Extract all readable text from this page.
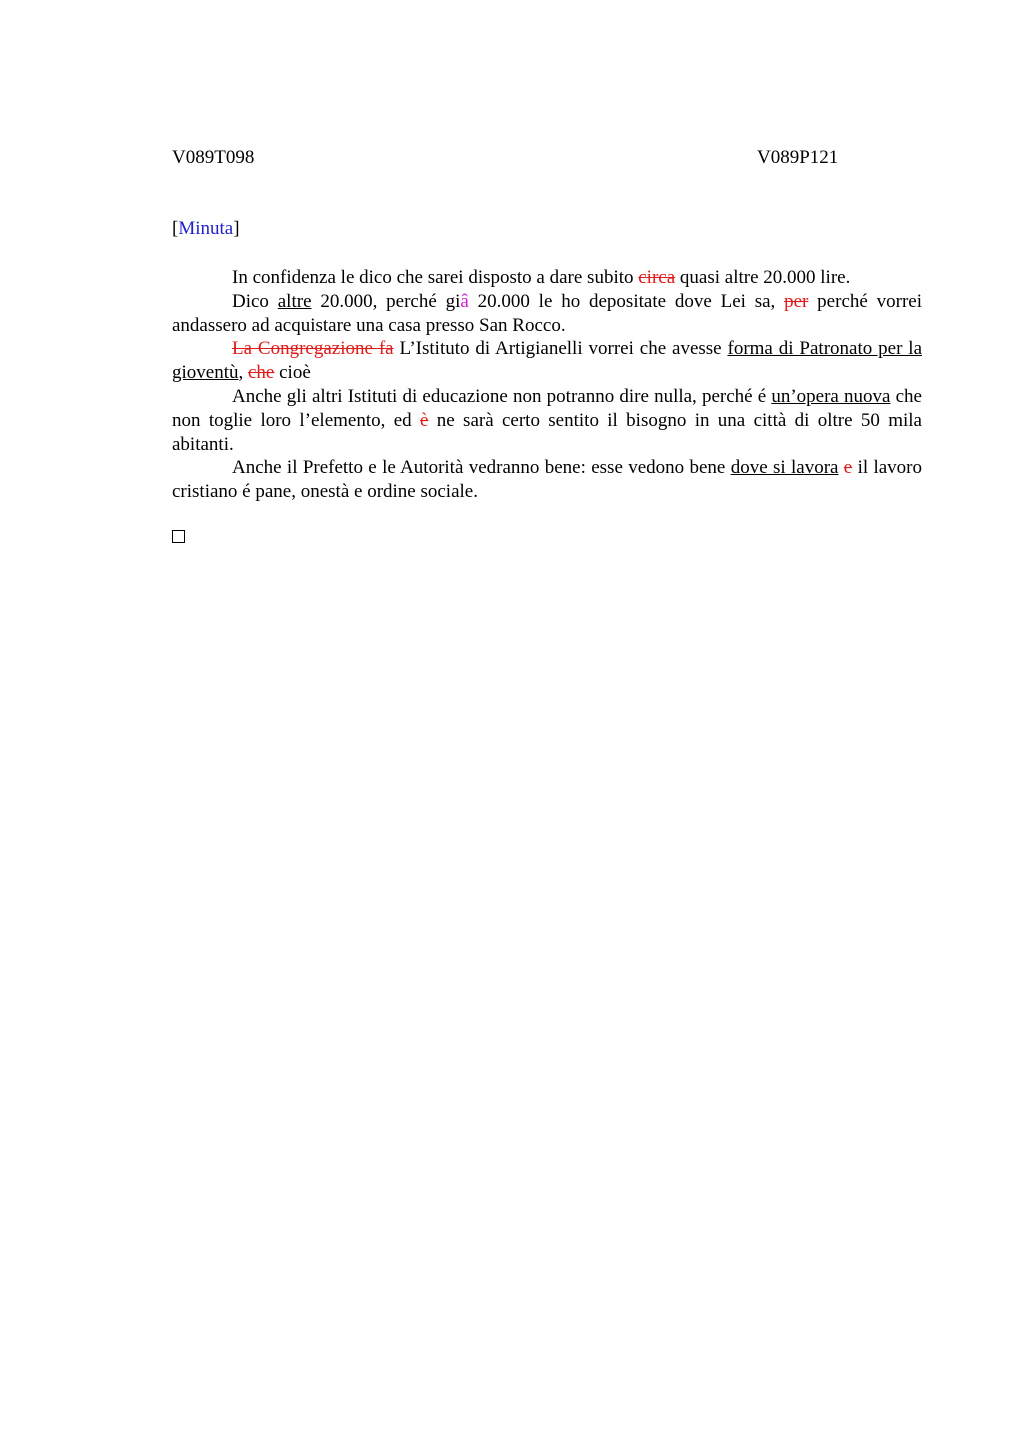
V089T098	V089P121
[Minuta]

In confidenza le dico che sarei disposto a dare subito circa quasi altre 20.000 lire.

Dico altre 20.000, perché giâ 20.000 le ho depositate dove Lei sa, per perché vorrei andassero ad acquistare una casa presso San Rocco.

La Congregazione fa L’Istituto di Artigianelli vorrei che avesse forma di Patronato per la gioventù, che cioè

Anche gli altri Istituti di educazione non potranno dire nulla, perché é un’opera nuova che non toglie loro l’elemento, ed è ne sarà certo sentito il bisogno in una città di oltre 50 mila abitanti.

Anche il Prefetto e le Autorità vedranno bene: esse vedono bene dove si lavora e il lavoro cristiano é pane, onestà e ordine sociale.
